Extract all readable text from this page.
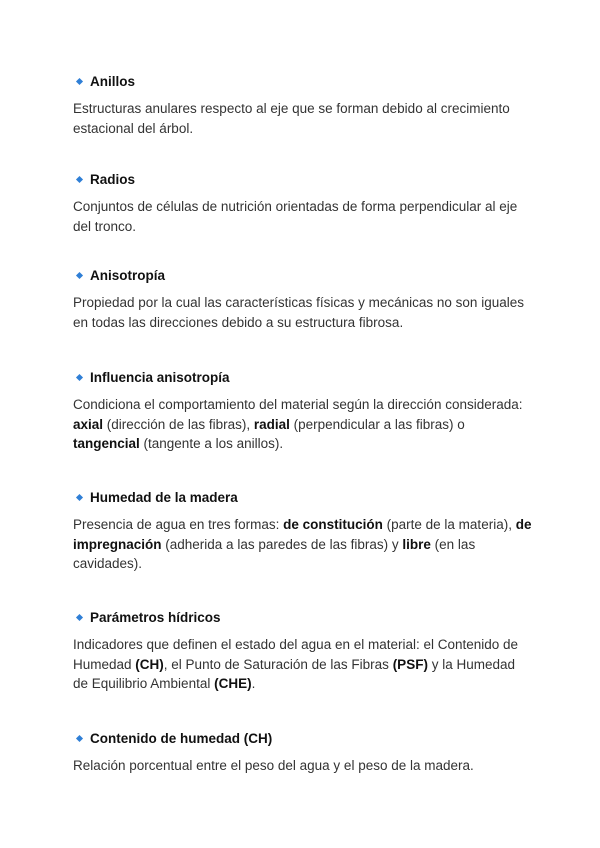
Anillos
Estructuras anulares respecto al eje que se forman debido al crecimiento estacional del árbol.
Radios
Conjuntos de células de nutrición orientadas de forma perpendicular al eje del tronco.
Anisotropía
Propiedad por la cual las características físicas y mecánicas no son iguales en todas las direcciones debido a su estructura fibrosa.
Influencia anisotropía
Condiciona el comportamiento del material según la dirección considerada: axial (dirección de las fibras), radial (perpendicular a las fibras) o tangencial (tangente a los anillos).
Humedad de la madera
Presencia de agua en tres formas: de constitución (parte de la materia), de impregnación (adherida a las paredes de las fibras) y libre (en las cavidades).
Parámetros hídricos
Indicadores que definen el estado del agua en el material: el Contenido de Humedad (CH), el Punto de Saturación de las Fibras (PSF) y la Humedad de Equilibrio Ambiental (CHE).
Contenido de humedad (CH)
Relación porcentual entre el peso del agua y el peso de la madera.
